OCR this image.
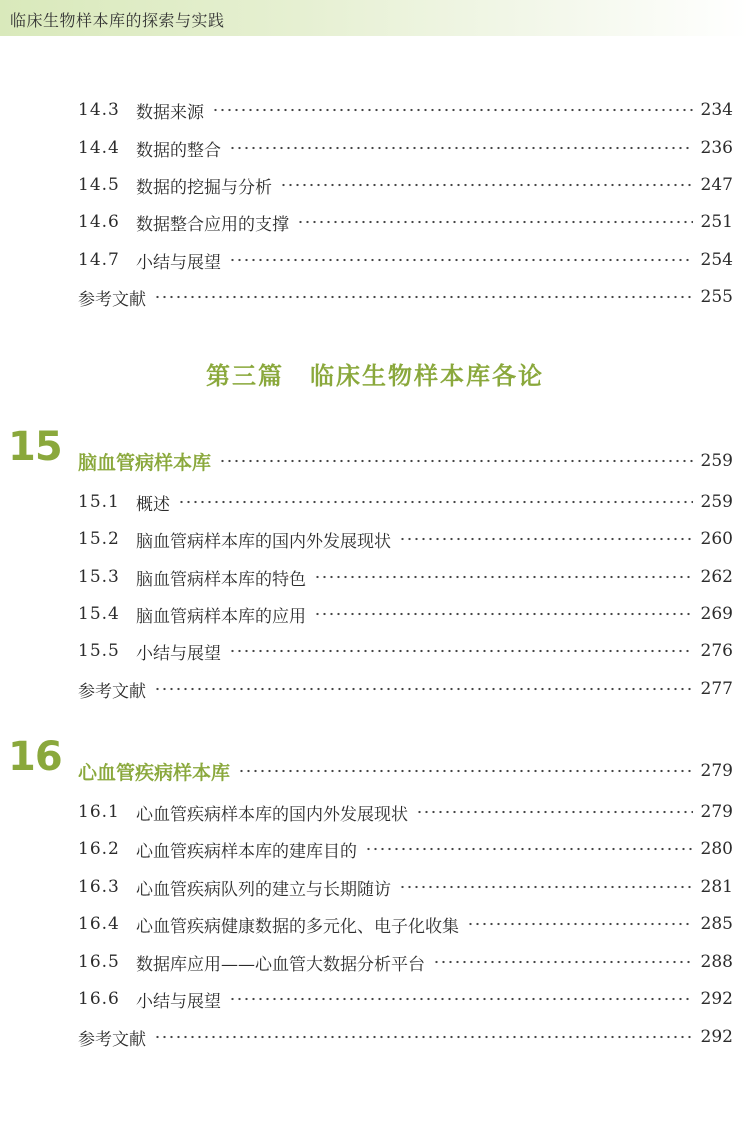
临床生物样本库的探索与实践
14.3 数据来源	234
14.4 数据的整合	236
14.5 数据的挖掘与分析	247
14.6 数据整合应用的支撑	251
14.7 小结与展望	254
参考文献	255
第三篇　临床生物样本库各论
15 脑血管病样本库	259
15.1 概述	259
15.2 脑血管病样本库的国内外发展现状	260
15.3 脑血管病样本库的特色	262
15.4 脑血管病样本库的应用	269
15.5 小结与展望	276
参考文献	277
16 心血管疾病样本库	279
16.1 心血管疾病样本库的国内外发展现状	279
16.2 心血管疾病样本库的建库目的	280
16.3 心血管疾病队列的建立与长期随访	281
16.4 心血管疾病健康数据的多元化、电子化收集	285
16.5 数据库应用——心血管大数据分析平台	288
16.6 小结与展望	292
参考文献	292
